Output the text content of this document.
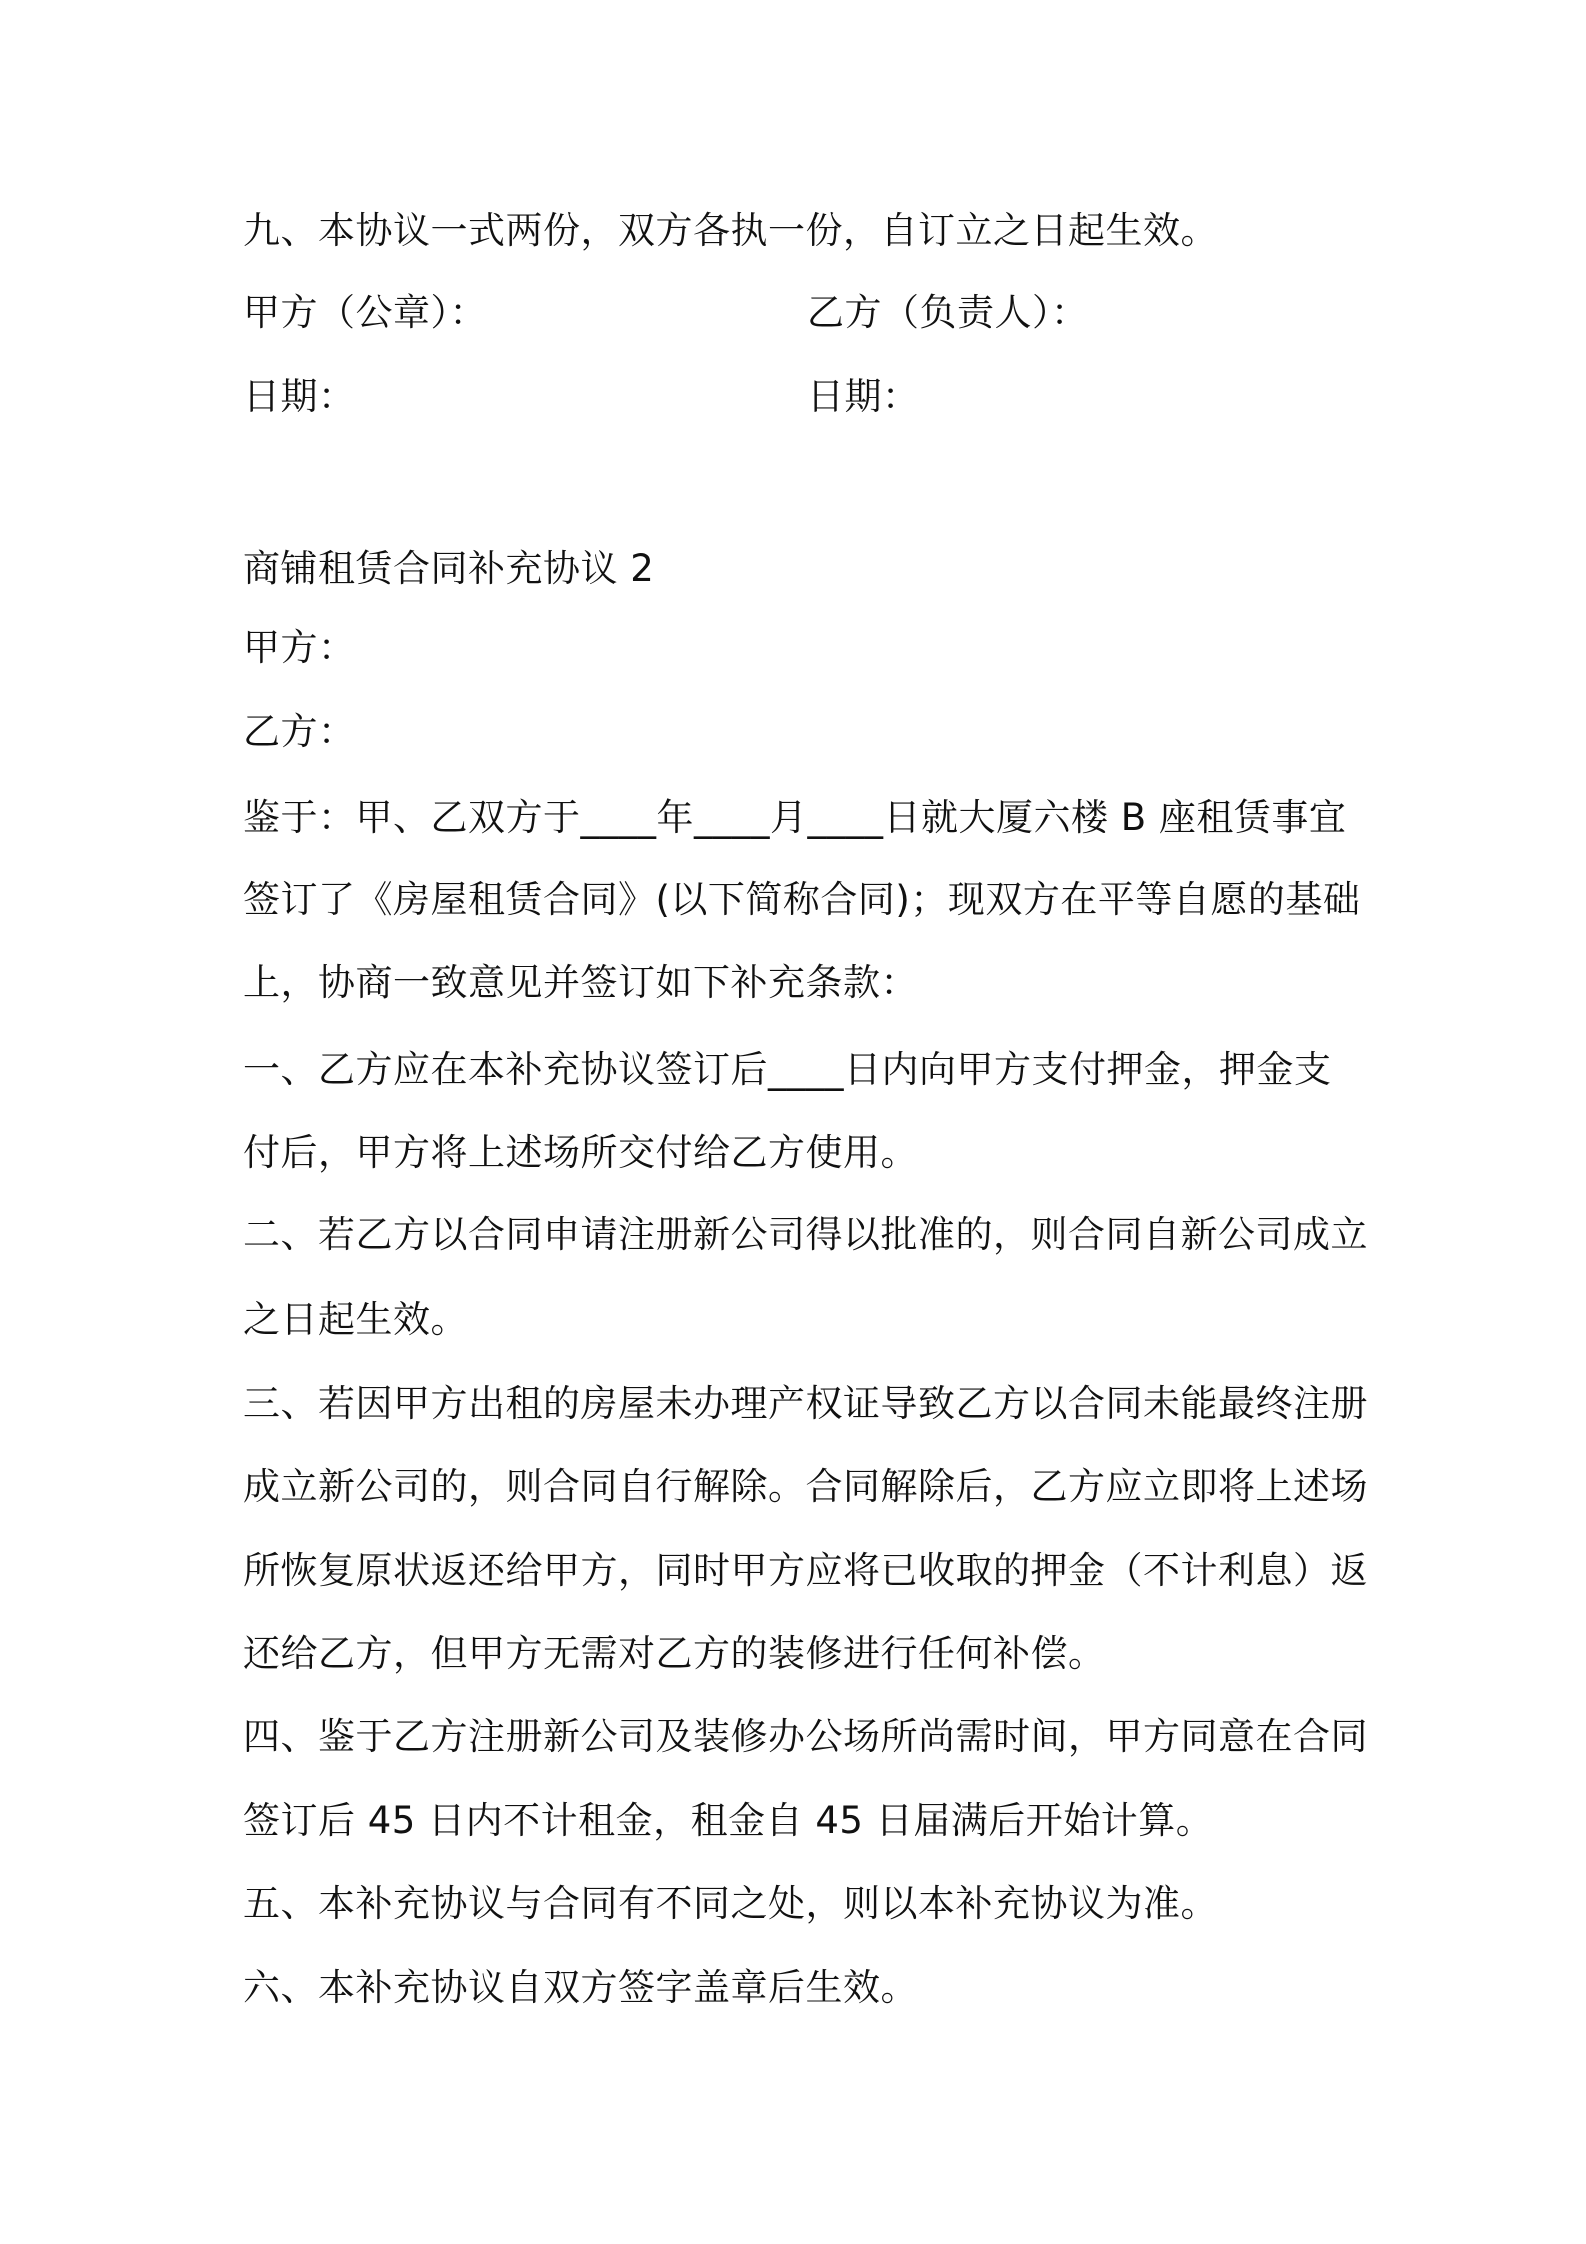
九、本协议一式两份，双方各执一份，自订立之日起生效。

甲方（公章）：	乙方（负责人）：

日期：	日期：

商铺租赁合同补充协议 2

甲方：

乙方：

鉴于：甲、乙双方于____年____月____日就大厦六楼 B 座租赁事宜

签订了《房屋租赁合同》(以下简称合同)；现双方在平等自愿的基础

上，协商一致意见并签订如下补充条款：

一、乙方应在本补充协议签订后____日内向甲方支付押金，押金支

付后，甲方将上述场所交付给乙方使用。

二、若乙方以合同申请注册新公司得以批准的，则合同自新公司成立

之日起生效。

三、若因甲方出租的房屋未办理产权证导致乙方以合同未能最终注册

成立新公司的，则合同自行解除。合同解除后，乙方应立即将上述场

所恢复原状返还给甲方，同时甲方应将已收取的押金（不计利息）返

还给乙方，但甲方无需对乙方的装修进行任何补偿。

四、鉴于乙方注册新公司及装修办公场所尚需时间，甲方同意在合同

签订后 45 日内不计租金，租金自 45 日届满后开始计算。

五、本补充协议与合同有不同之处，则以本补充协议为准。

六、本补充协议自双方签字盖章后生效。
